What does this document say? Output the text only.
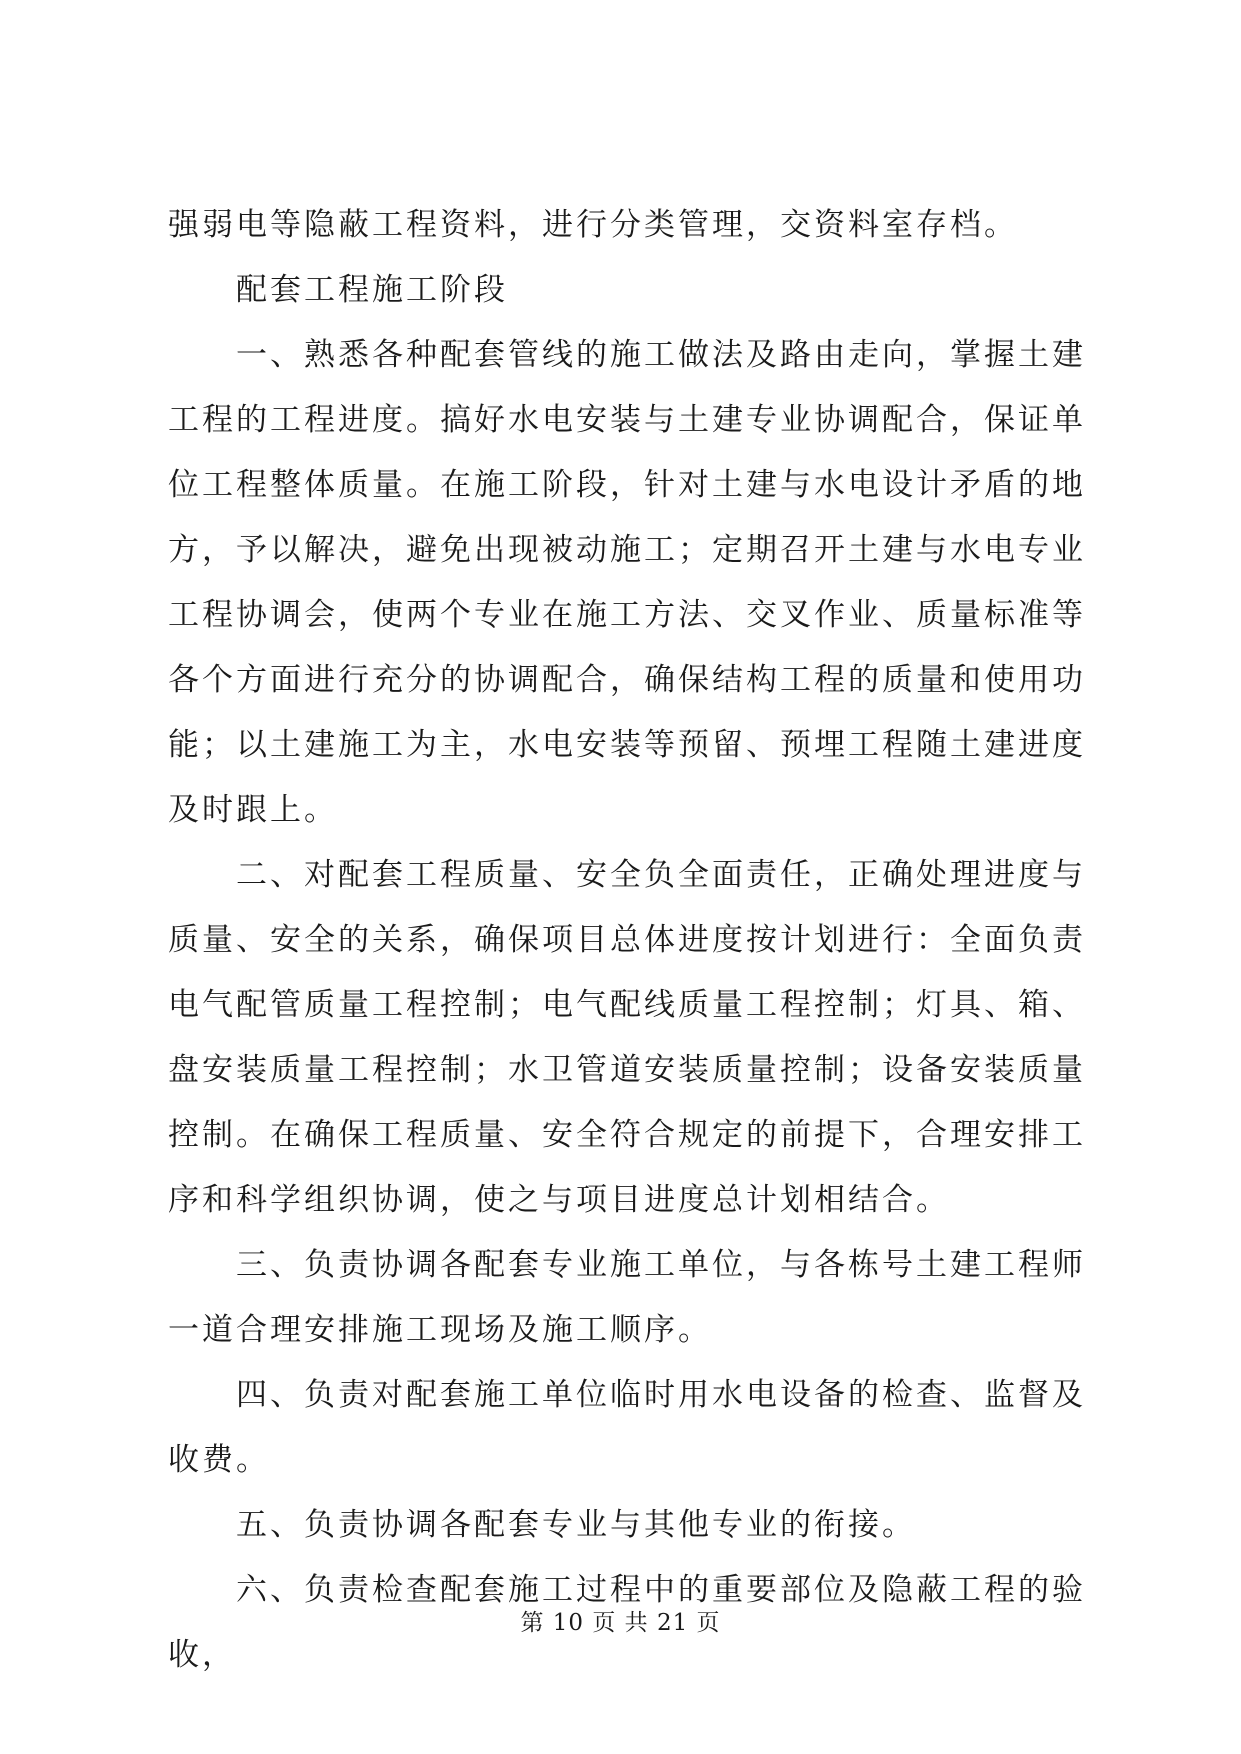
强弱电等隐蔽工程资料，进行分类管理，交资料室存档。

配套工程施工阶段

一、熟悉各种配套管线的施工做法及路由走向，掌握土建工程的工程进度。搞好水电安装与土建专业协调配合，保证单位工程整体质量。在施工阶段，针对土建与水电设计矛盾的地方，予以解决，避免出现被动施工；定期召开土建与水电专业工程协调会，使两个专业在施工方法、交叉作业、质量标准等各个方面进行充分的协调配合，确保结构工程的质量和使用功能；以土建施工为主，水电安装等预留、预埋工程随土建进度及时跟上。

二、对配套工程质量、安全负全面责任，正确处理进度与质量、安全的关系，确保项目总体进度按计划进行：全面负责电气配管质量工程控制；电气配线质量工程控制；灯具、箱、盘安装质量工程控制；水卫管道安装质量控制；设备安装质量控制。在确保工程质量、安全符合规定的前提下，合理安排工序和科学组织协调，使之与项目进度总计划相结合。

三、负责协调各配套专业施工单位，与各栋号土建工程师一道合理安排施工现场及施工顺序。

四、负责对配套施工单位临时用水电设备的检查、监督及收费。

五、负责协调各配套专业与其他专业的衔接。

六、负责检查配套施工过程中的重要部位及隐蔽工程的验收，

第 10 页 共 21 页
